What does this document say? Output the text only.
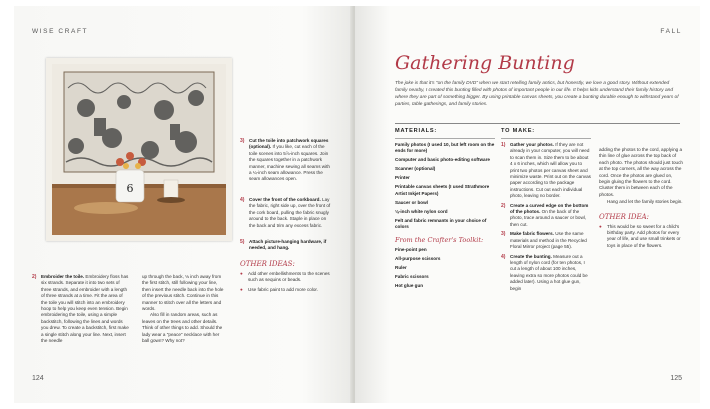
WISE CRAFT
6
2) Embroider the toile. Embroidery floss has six strands. Separate it into two sets of three strands, and embroider with a length of three strands at a time. Fit the area of the toile you will stitch into an embroidery hoop to help you keep even tension. Begin embroidering the toile, using a simple backstitch, following the lines and words you drew. To create a backstitch, first make a single stitch along your line. Next, insert the needle
up through the back, ⅛ inch away from the first stitch, still following your line, then insert the needle back into the hole of the previous stitch. Continue in this manner to stitch over all the letters and words.
Also fill in random areas, such as leaves on the trees and other details. Think of other things to add. Should the lady wear a "peace" necklace with her ball gown? Why not?
3) Cut the toile into patchwork squares (optional). If you like, cut each of the toile scenes into 5⅞-inch squares. Join the squares together in a patchwork manner, machine sewing all seams with a ¼-inch seam allowance. Press the seam allowances open.
4) Cover the front of the corkboard. Lay the fabric, right side up, over the front of the cork board, pulling the fabric snugly around to the back. Staple in place on the back and trim any excess fabric.
5) Attach picture-hanging hardware, if needed, and hang.
OTHER IDEAS:
● Add other embellishments to the scenes such as sequins or beads.
● Use fabric paint to add more color.
124
FALL
Gathering Bunting
The joke is that it's "on the family DVD" when we start retelling family antics, but honestly, we love a good story. Without extended family nearby, I created this bunting filled with photos of important people in our life. It helps kids understand their family history and where they are part of something bigger. By using printable canvas sheets, you create a bunting durable enough to withstand years of parties, table gatherings, and family stories.
MATERIALS:
Family photos (I used 10, but left room on the ends for more)
Computer and basic photo-editing software
Scanner (optional)
Printer
Printable canvas sheets (I used Strathmore Artist Inkjet Papers)
Saucer or bowl
⅛-inch white nylon cord
Felt and fabric remnants in your choice of colors
From the Crafter's Toolkit:
Fine-point pen
All-purpose scissors
Ruler
Fabric scissors
Hot glue gun
TO MAKE:
1) Gather your photos. If they are not already in your computer, you will need to scan them in. Size them to be about 4 x 6 inches, which will allow you to print two photos per canvas sheet and minimize waste. Print out on the canvas paper according to the package instructions. Cut out each individual photo, leaving no border.
2) Create a curved edge on the bottom of the photos. On the back of the photo, trace around a saucer or bowl, then cut.
3) Make fabric flowers. Use the same materials and method in the Recycled Floral Mirror project (page 55).
4) Create the bunting. Measure out a length of nylon cord (for ten photos, I cut a length of about 100 inches, leaving extra so more photos could be added later). Using a hot glue gun, begin
adding the photos to the cord, applying a thin line of glue across the top back of each photo. The photos should just touch at the top corners, all the way across the cord. Once the photos are glued on, begin gluing the flowers to the cord. Cluster them in between each of the photos.
Hang and let the family stories begin.
OTHER IDEA:
● This would be so sweet for a child's birthday party. Add photos for every year of life, and use small trinkets or toys in place of the flowers.
125
